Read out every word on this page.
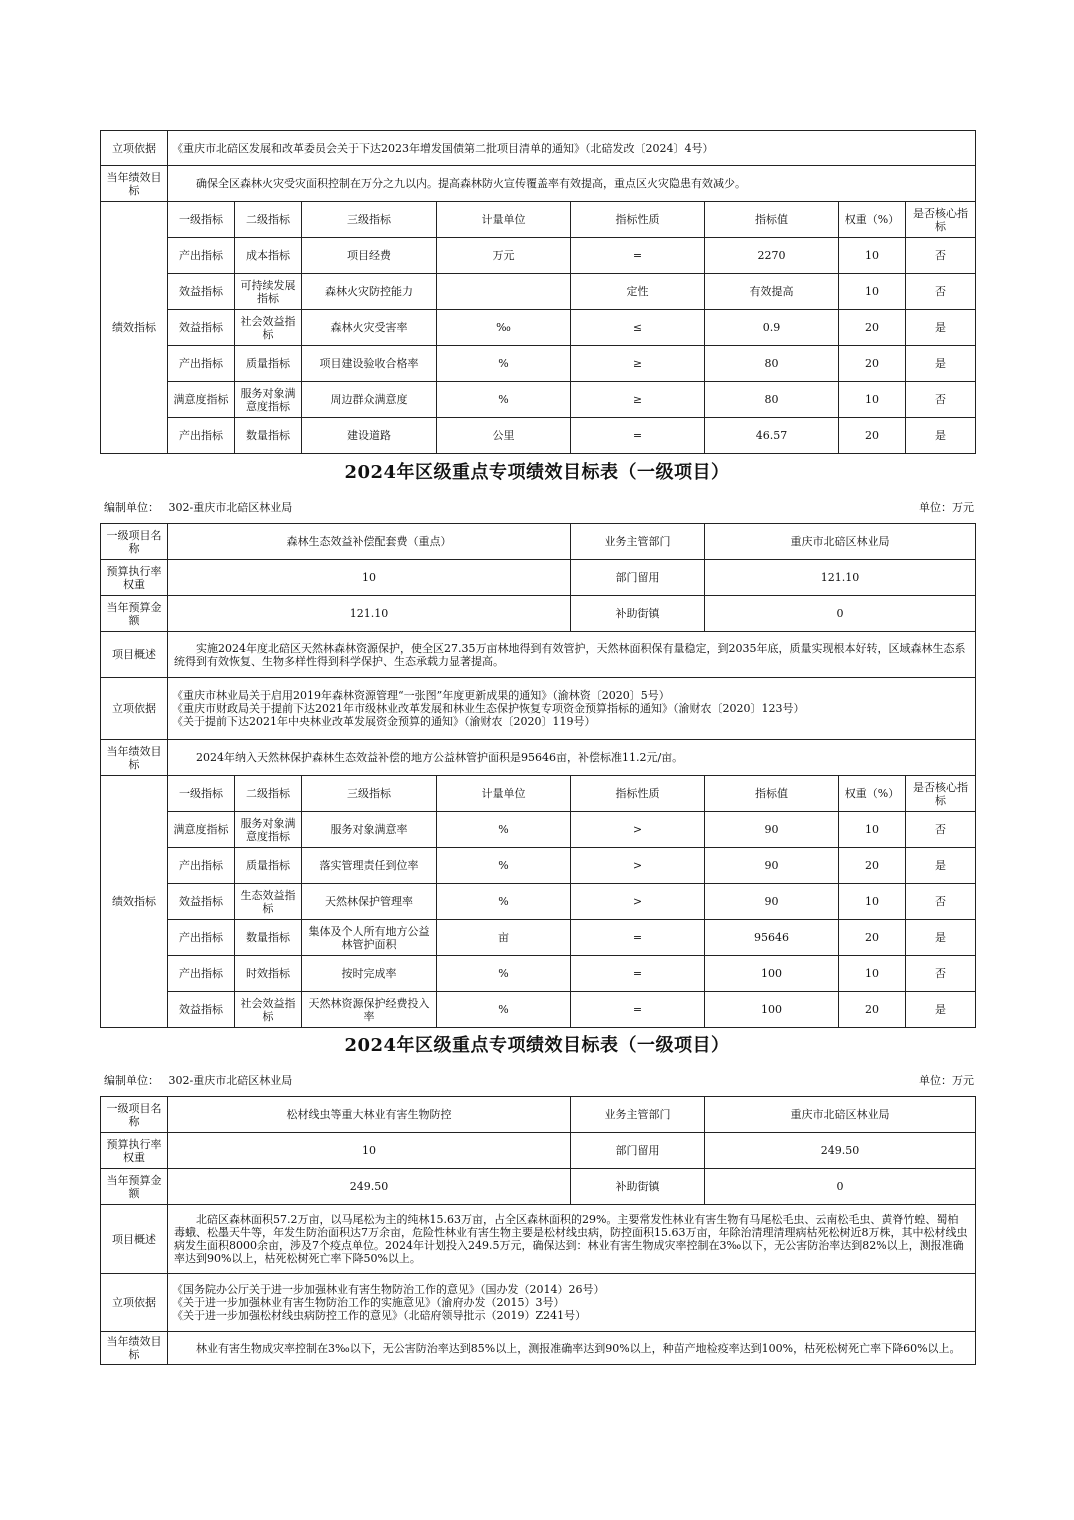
立项依据	《重庆市北碚区发展和改革委员会关于下达2023年增发国债第二批项目清单的通知》（北碚发改〔2024〕4号）							
当年绩效目标	确保全区森林火灾受灾面积控制在万分之九以内。提高森林防火宣传覆盖率有效提高，重点区火灾隐患有效减少。							
绩效指标	一级指标	二级指标	三级指标	计量单位	指标性质	指标值	权重（%）	是否核心指标
	产出指标	成本指标	项目经费	万元	=	2270	10	否
	效益指标	可持续发展指标	森林火灾防控能力		定性	有效提高	10	否
	效益指标	社会效益指标	森林火灾受害率	‰	≤	0.9	20	是
	产出指标	质量指标	项目建设验收合格率	%	≥	80	20	是
	满意度指标	服务对象满意度指标	周边群众满意度	%	≥	80	10	否
	产出指标	数量指标	建设道路	公里	=	46.57	20	是
2024年区级重点专项绩效目标表（一级项目）
编制单位： 302-重庆市北碚区林业局	单位：万元
一级项目名称	森林生态效益补偿配套费（重点）				业务主管部门	重庆市北碚区林业局		
预算执行率权重	10				部门留用	121.10		
当年预算金额	121.10				补助街镇	0		
项目概述	实施2024年度北碚区天然林森林资源保护，使全区27.35万亩林地得到有效管护，天然林面积保有量稳定，到2035年底，质量实现根本好转，区域森林生态系统得到有效恢复、生物多样性得到科学保护、生态承载力显著提高。							
立项依据	《重庆市林业局关于启用2019年森林资源管理“一张图”年度更新成果的通知》（渝林资〔2020〕5号）
《重庆市财政局关于提前下达2021年市级林业改革发展和林业生态保护恢复专项资金预算指标的通知》（渝财农〔2020〕123号）
《关于提前下达2021年中央林业改革发展资金预算的通知》（渝财农〔2020〕119号）							

当年绩效目标	2024年纳入天然林保护森林生态效益补偿的地方公益林管护面积是95646亩，补偿标准11.2元/亩。							
绩效指标	一级指标	二级指标	三级指标	计量单位	指标性质	指标值	权重（%）	是否核心指标
	满意度指标	服务对象满意度指标	服务对象满意率	%	>	90	10	否
	产出指标	质量指标	落实管理责任到位率	%	>	90	20	是
	效益指标	生态效益指标	天然林保护管理率	%	>	90	10	否
	产出指标	数量指标	集体及个人所有地方公益林管护面积	亩	=	95646	20	是
	产出指标	时效指标	按时完成率	%	=	100	10	否
	效益指标	社会效益指标	天然林资源保护经费投入率	%	=	100	20	是
2024年区级重点专项绩效目标表（一级项目）
编制单位： 302-重庆市北碚区林业局	单位：万元
一级项目名称	松材线虫等重大林业有害生物防控	业务主管部门	重庆市北碚区林业局
预算执行率权重	10	部门留用	249.50
当年预算金额	249.50	补助街镇	0
项目概述	北碚区森林面积57.2万亩，以马尾松为主的纯林15.63万亩，占全区森林面积的29%。主要常发性林业有害生物有马尾松毛虫、云南松毛虫、黄脊竹蝗、蜀柏毒蛾、松墨天牛等，年发生防治面积达7万余亩，危险性林业有害生物主要是松材线虫病，防控面积15.63万亩，年除治清理清理病枯死松树近8万株，其中松材线虫病发生面积8000余亩，涉及7个疫点单位。2024年计划投入249.5万元，确保达到：林业有害生物成灾率控制在3‰以下，无公害防治率达到82%以上，测报准确率达到90%以上，枯死松树死亡率下降50%以上。		
立项依据	《国务院办公厅关于进一步加强林业有害生物防治工作的意见》（国办发（2014）26号）
《关于进一步加强林业有害生物防治工作的实施意见》（渝府办发（2015）3号）
《关于进一步加强松材线虫病防控工作的意见》（北碚府领导批示（2019）Z241号）		

当年绩效目标	林业有害生物成灾率控制在3‰以下，无公害防治率达到85%以上，测报准确率达到90%以上，种苗产地检疫率达到100%，枯死松树死亡率下降60%以上。		
